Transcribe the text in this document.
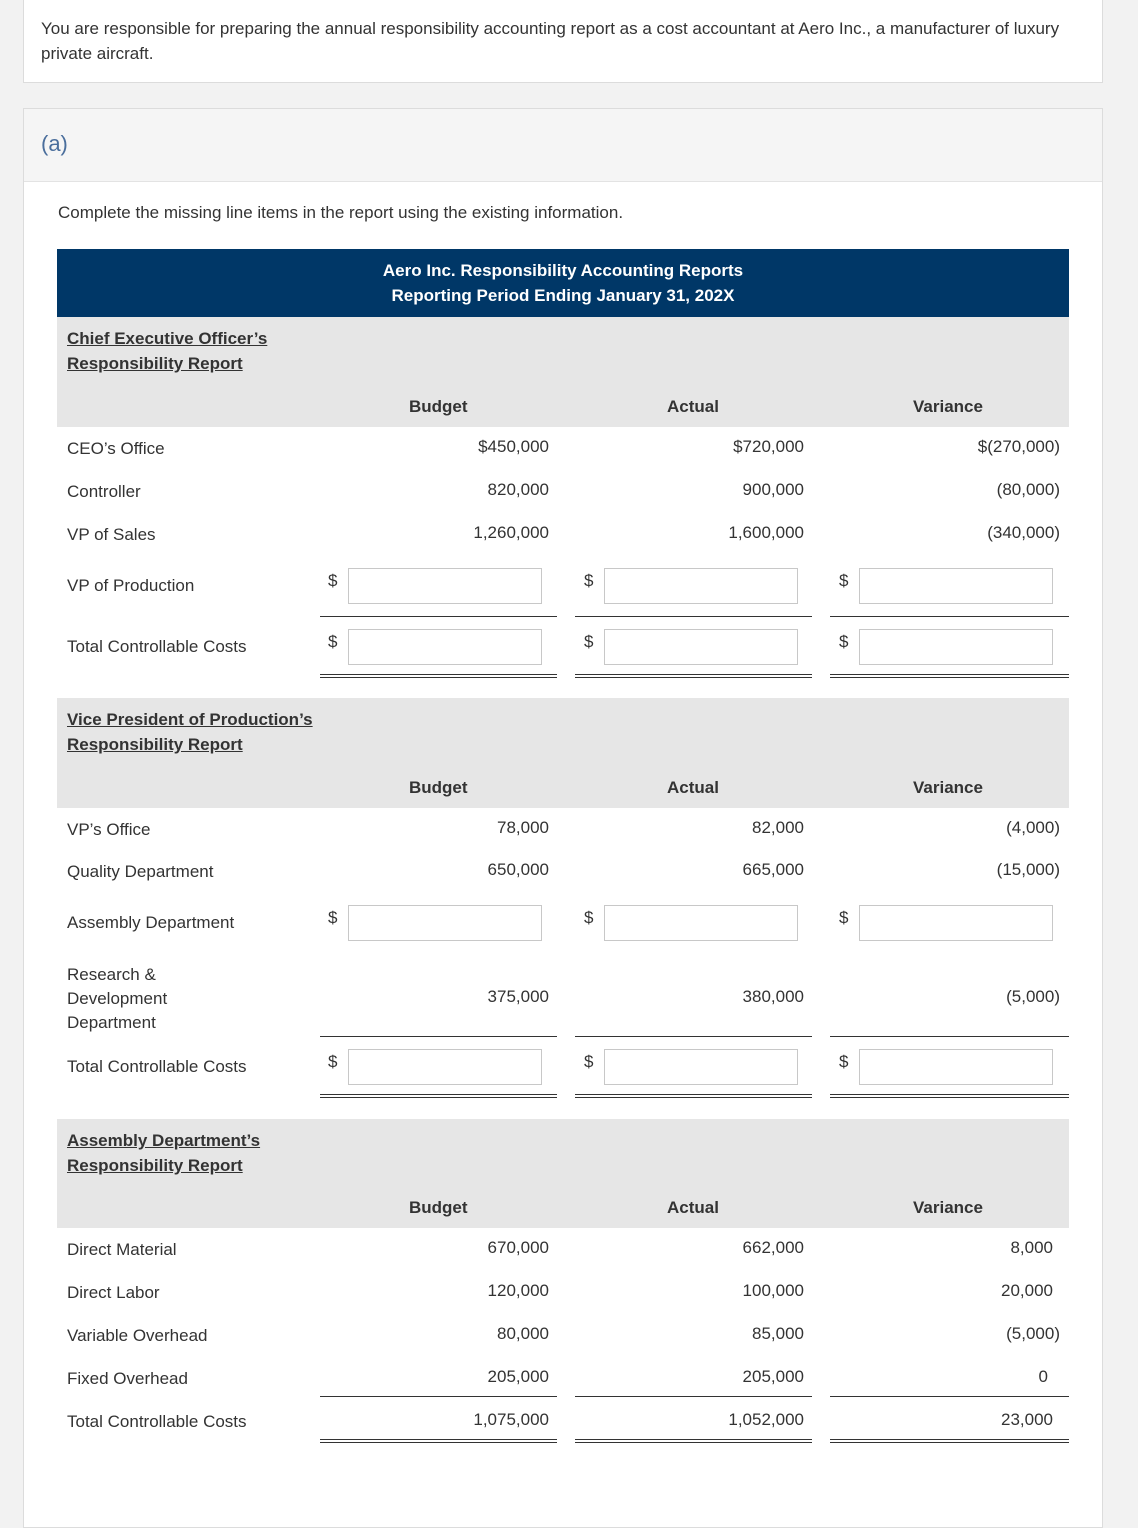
You are responsible for preparing the annual responsibility accounting report as a cost accountant at Aero Inc., a manufacturer of luxury private aircraft.
(a)
Complete the missing line items in the report using the existing information.
Aero Inc. Responsibility Accounting Reports
Reporting Period Ending January 31, 202X
Chief Executive Officer’s
Responsibility Report
Budget	Actual	Variance
CEO’s Office	$450,000	$720,000	$(270,000)
Controller	820,000	900,000	(80,000)
VP of Sales	1,260,000	1,600,000	(340,000)
VP of Production	$	$	$
Total Controllable Costs	$	$	$
Vice President of Production’s
Responsibility Report
Budget	Actual	Variance
VP’s Office	78,000	82,000	(4,000)
Quality Department	650,000	665,000	(15,000)
Assembly Department	$	$	$
Research &
Development
Department
375,000	380,000	(5,000)
Total Controllable Costs	$	$	$
Assembly Department’s
Responsibility Report
Budget	Actual	Variance
Direct Material	670,000	662,000	8,000
Direct Labor	120,000	100,000	20,000
Variable Overhead	80,000	85,000	(5,000)
Fixed Overhead	205,000	205,000	0
Total Controllable Costs	1,075,000	1,052,000	23,000
